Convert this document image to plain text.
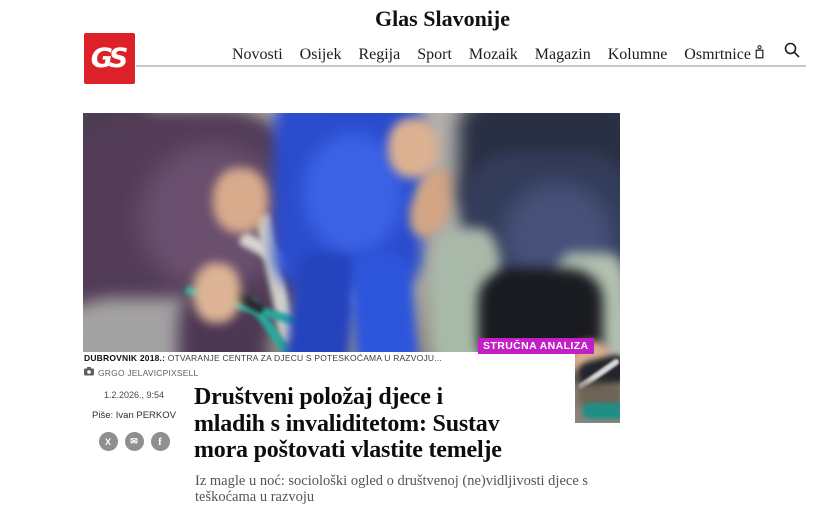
GS
Glas Slavonije
Novosti Osijek Regija Sport Mozaik Magazin Kolumne Osmrtnice
STRUČNA ANALIZA
DUBROVNIK 2018.: OTVARANJE CENTRA ZA DJECU S POTESKOĆAMA U RAZVOJU...
GRGO JELAVICPIXSELL
1.2.2026., 9:54
Piše: Ivan PERKOV
X	✉	f
Društveni položaj djece i
mladih s invaliditetom: Sustav
mora poštovati vlastite temelje
Iz magle u noć: sociološki ogled o društvenoj (ne)vidljivosti djece s
teškoćama u razvoju
